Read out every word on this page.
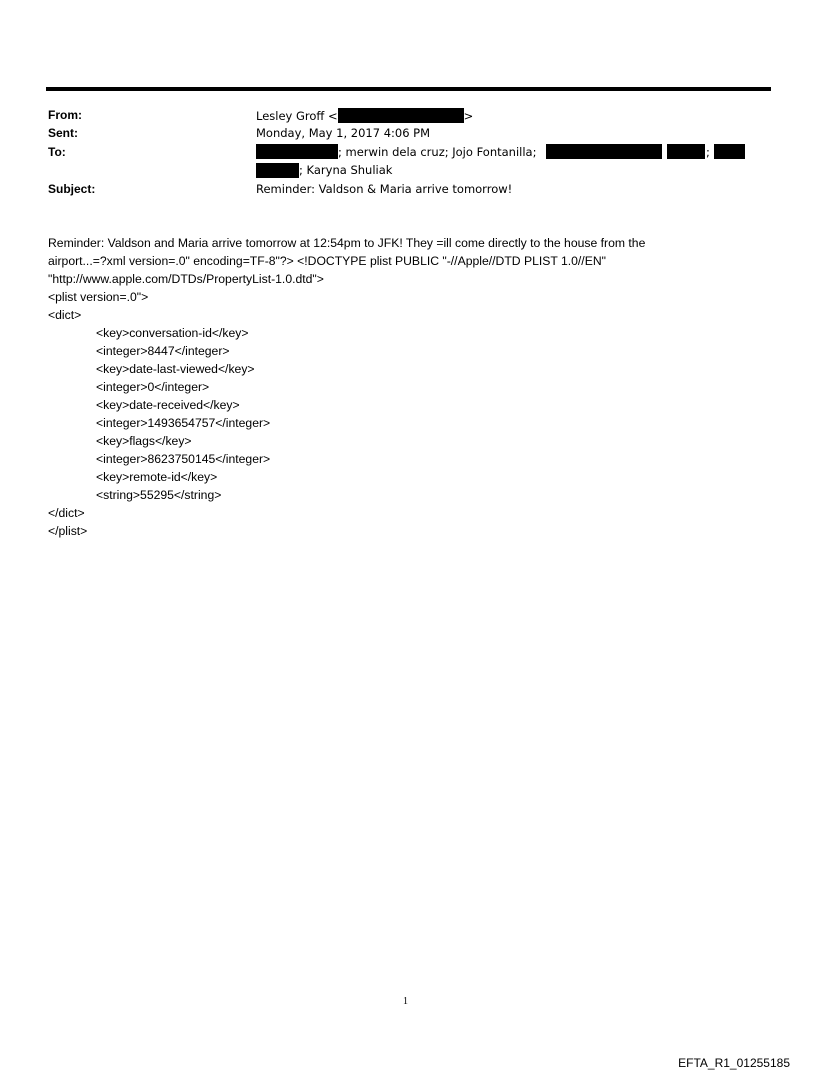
From:	Lesley Groff <	>
Sent:	Monday, May 1, 2017 4:06 PM
To:	; merwin dela cruz; Jojo Fontanilla;	;
; Karyna Shuliak
Subject:	Reminder: Valdson & Maria arrive tomorrow!
Reminder: Valdson and Maria arrive tomorrow at 12:54pm to JFK! They =ill come directly to the house from the
airport...=?xml version=.0" encoding=TF-8"?> <!DOCTYPE plist PUBLIC "-//Apple//DTD PLIST 1.0//EN"
"http://www.apple.com/DTDs/PropertyList-1.0.dtd">
<plist version=.0">
<dict>
<key>conversation-id</key>
<integer>8447</integer>
<key>date-last-viewed</key>
<integer>0</integer>
<key>date-received</key>
<integer>1493654757</integer>
<key>flags</key>
<integer>8623750145</integer>
<key>remote-id</key>
<string>55295</string>
</dict>
</plist>
1
EFTA_R1_01255185
